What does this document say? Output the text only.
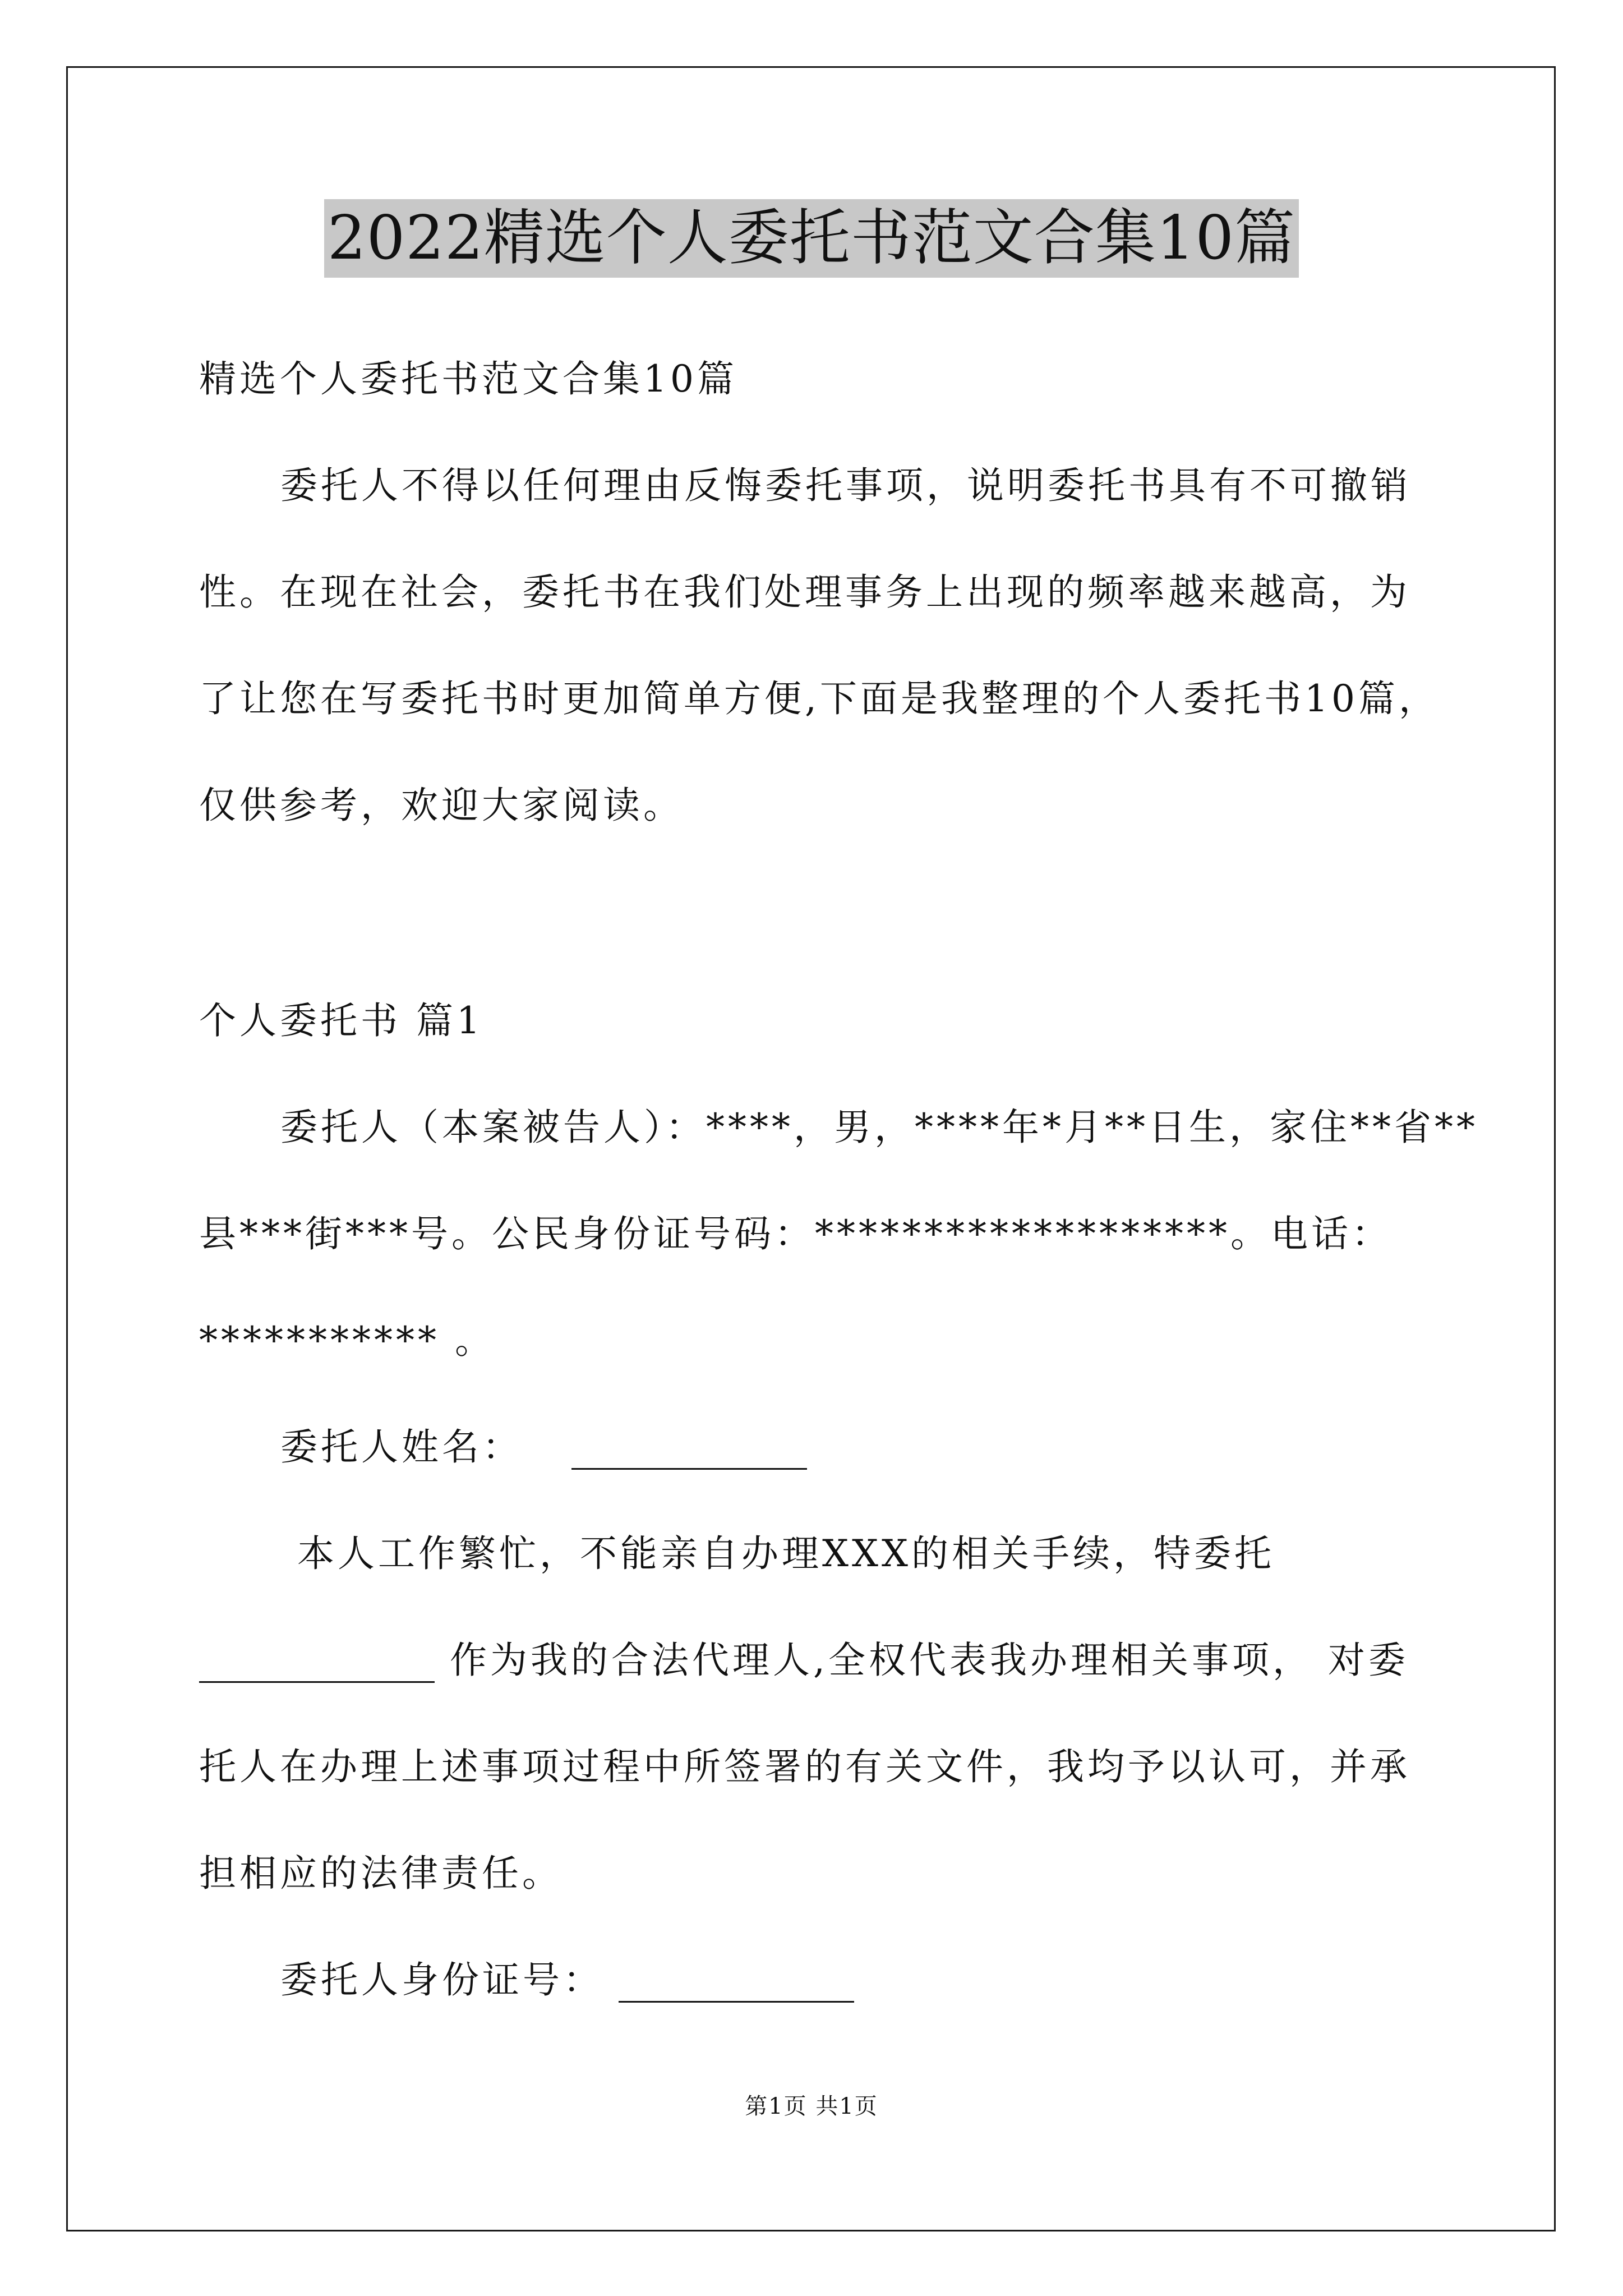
2022精选个人委托书范文合集10篇
精选个人委托书范文合集10篇
委托人不得以任何理由反悔委托事项，说明委托书具有不可撤销
性。在现在社会，委托书在我们处理事务上出现的频率越来越高，为
了让您在写委托书时更加简单方便,下面是我整理的个人委托书10篇，
仅供参考，欢迎大家阅读。
个人委托书 篇1
委托人（本案被告人）：****，男，****年*月**日生，家住**省**
县***街***号。公民身份证号码：*******************。电话：
*********** 。
委托人姓名：
本人工作繁忙，不能亲自办理XXX的相关手续，特委托
作为我的合法代理人,全权代表我办理相关事项， 对委
托人在办理上述事项过程中所签署的有关文件，我均予以认可，并承
担相应的法律责任。
委托人身份证号：
第1页 共1页
